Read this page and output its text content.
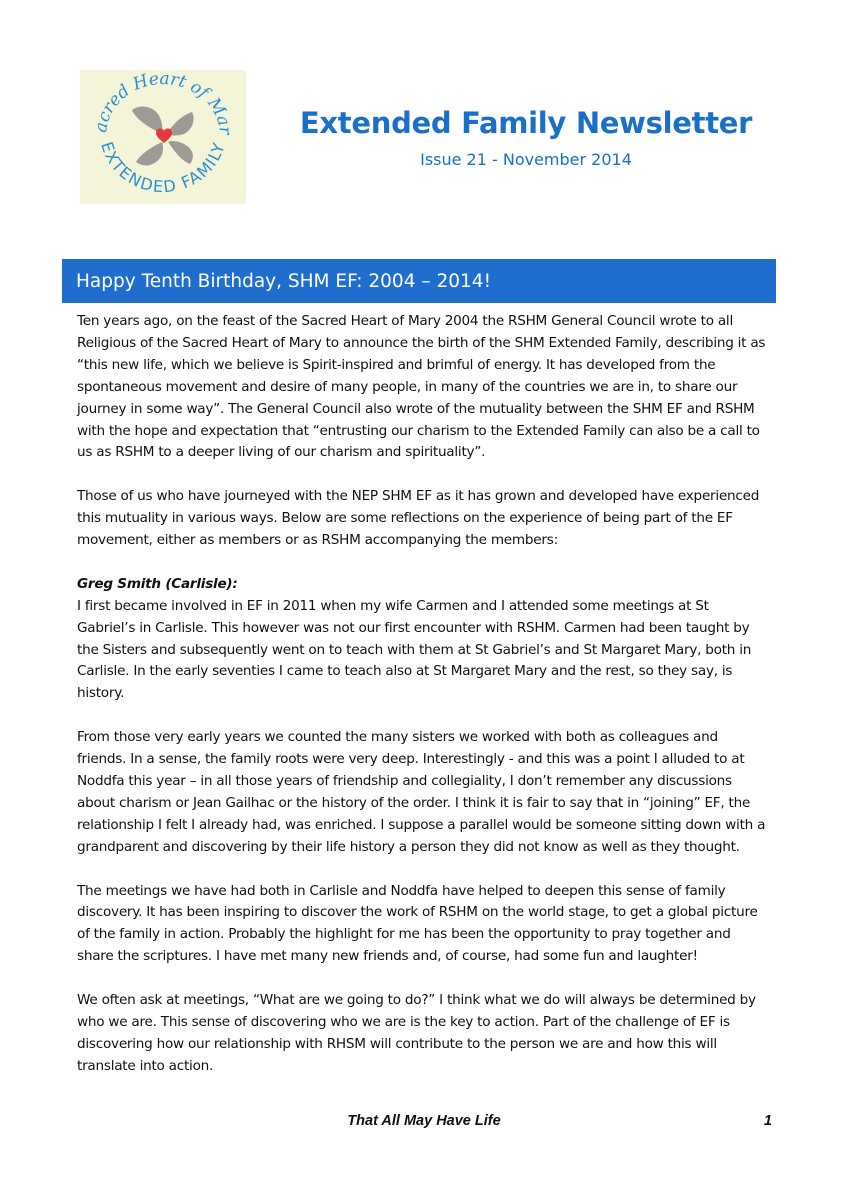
acred Heart of Mar
EXTENDED FAMILY
Extended Family Newsletter

Issue 21 - November 2014

Happy Tenth Birthday, SHM EF: 2004 – 2014!

Ten years ago, on the feast of the Sacred Heart of Mary 2004 the RSHM General Council wrote to all Religious of the Sacred Heart of Mary to announce the birth of the SHM Extended Family, describing it as “this new life, which we believe is Spirit-inspired and brimful of energy. It has developed from the spontaneous movement and desire of many people, in many of the countries we are in, to share our journey in some way”. The General Council also wrote of the mutuality between the SHM EF and RSHM with the hope and expectation that “entrusting our charism to the Extended Family can also be a call to us as RSHM to a deeper living of our charism and spirituality”.

Those of us who have journeyed with the NEP SHM EF as it has grown and developed have experienced this mutuality in various ways. Below are some reflections on the experience of being part of the EF movement, either as members or as RSHM accompanying the members:

Greg Smith (Carlisle):

I first became involved in EF in 2011 when my wife Carmen and I attended some meetings at St Gabriel’s in Carlisle. This however was not our first encounter with RSHM. Carmen had been taught by the Sisters and subsequently went on to teach with them at St Gabriel’s and St Margaret Mary, both in Carlisle. In the early seventies I came to teach also at St Margaret Mary and the rest, so they say, is history.

From those very early years we counted the many sisters we worked with both as colleagues and friends. In a sense, the family roots were very deep. Interestingly - and this was a point I alluded to at Noddfa this year – in all those years of friendship and collegiality, I don’t remember any discussions about charism or Jean Gailhac or the history of the order. I think it is fair to say that in “joining” EF, the relationship I felt I already had, was enriched. I suppose a parallel would be someone sitting down with a grandparent and discovering by their life history a person they did not know as well as they thought.

The meetings we have had both in Carlisle and Noddfa have helped to deepen this sense of family discovery. It has been inspiring to discover the work of RSHM on the world stage, to get a global picture of the family in action. Probably the highlight for me has been the opportunity to pray together and share the scriptures. I have met many new friends and, of course, had some fun and laughter!

We often ask at meetings, “What are we going to do?” I think what we do will always be determined by who we are. This sense of discovering who we are is the key to action. Part of the challenge of EF is discovering how our relationship with RHSM will contribute to the person we are and how this will translate into action.

That All May Have Life	1
